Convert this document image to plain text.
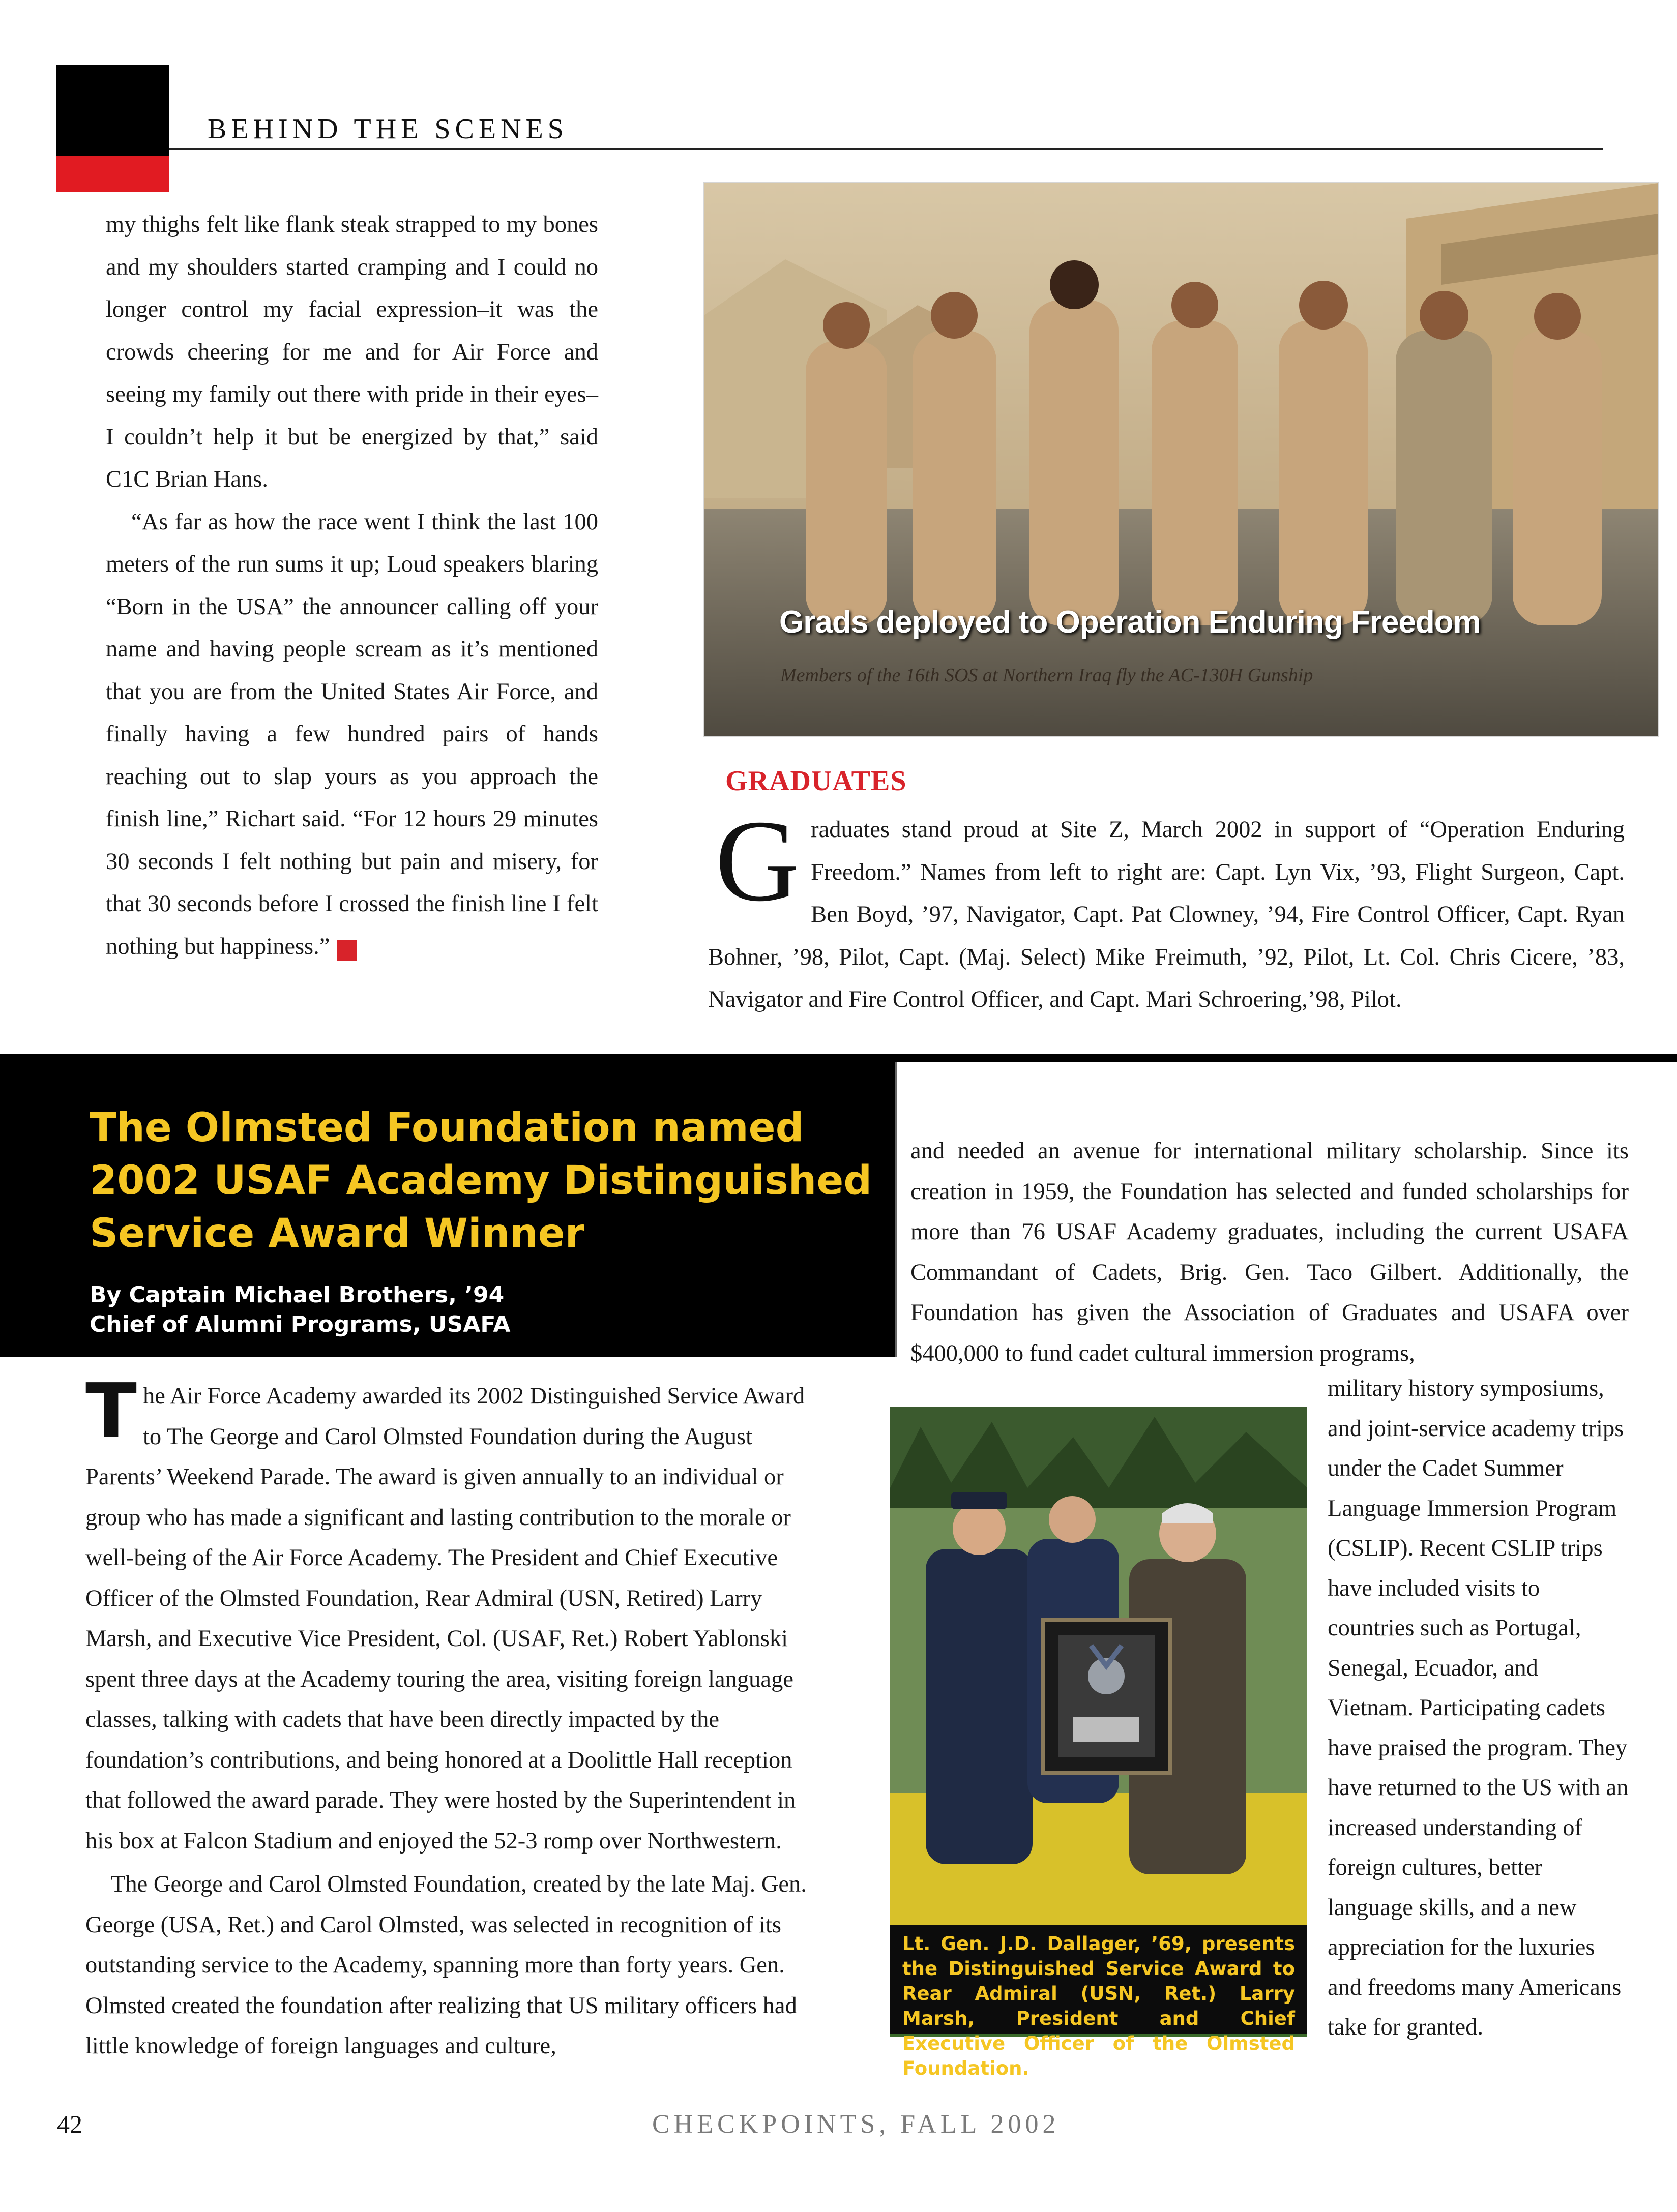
BEHIND THE SCENES

my thighs felt like flank steak strapped to my bones and my shoulders started cramping and I could no longer control my facial expression–it was the crowds cheering for me and for Air Force and seeing my family out there with pride in their eyes–I couldn’t help it but be energized by that,” said C1C Brian Hans.

“As far as how the race went I think the last 100 meters of the run sums it up; Loud speakers blaring “Born in the USA” the announcer calling off your name and having people scream as it’s mentioned that you are from the United States Air Force, and finally having a few hundred pairs of hands reaching out to slap yours as you approach the finish line,” Richart said. “For 12 hours 29 minutes 30 seconds I felt nothing but pain and misery, for that 30 seconds before I crossed the finish line I felt nothing but happiness.” ✓

Grads deployed to Operation Enduring Freedom
Members of the 16th SOS at Northern Iraq fly the AC-130H Gunship
GRADUATES
Graduates stand proud at Site Z, March 2002 in support of “Operation Enduring Freedom.” Names from left to right are: Capt. Lyn Vix, ’93, Flight Surgeon, Capt. Ben Boyd, ’97, Navigator, Capt. Pat Clowney, ’94, Fire Control Officer, Capt. Ryan Bohner, ’98, Pilot, Capt. (Maj. Select) Mike Freimuth, ’92, Pilot, Lt. Col. Chris Cicere, ’83, Navigator and Fire Control Officer, and Capt. Mari Schroering,’98, Pilot.
The Olmsted Foundation named 2002 USAF Academy Distinguished Service Award Winner
By Captain Michael Brothers, ’94
Chief of Alumni Programs, USAFA

The Air Force Academy awarded its 2002 Distinguished Service Award to The George and Carol Olmsted Foundation during the August Parents’ Weekend Parade. The award is given annually to an individual or group who has made a significant and lasting contribution to the morale or well-being of the Air Force Academy. The President and Chief Executive Officer of the Olmsted Foundation, Rear Admiral (USN, Retired) Larry Marsh, and Executive Vice President, Col. (USAF, Ret.) Robert Yablonski spent three days at the Academy touring the area, visiting foreign language classes, talking with cadets that have been directly impacted by the foundation’s contributions, and being honored at a Doolittle Hall reception that followed the award parade. They were hosted by the Superintendent in his box at Falcon Stadium and enjoyed the 52-3 romp over Northwestern.

The George and Carol Olmsted Foundation, created by the late Maj. Gen. George (USA, Ret.) and Carol Olmsted, was selected in recognition of its outstanding service to the Academy, spanning more than forty years. Gen. Olmsted created the foundation after realizing that US military officers had little knowledge of foreign languages and culture,

and needed an avenue for international military scholarship. Since its creation in 1959, the Foundation has selected and funded scholarships for more than 76 USAF Academy graduates, including the current USAFA Commandant of Cadets, Brig. Gen. Taco Gilbert. Additionally, the Foundation has given the Association of Graduates and USAFA over $400,000 to fund cadet cultural immersion programs,
Lt. Gen. J.D. Dallager, ’69, presents the Distinguished Service Award to Rear Admiral (USN, Ret.) Larry Marsh, President and Chief Executive Officer of the Olmsted Foundation.
military history symposiums, and joint-service academy trips under the Cadet Summer Language Immersion Program (CSLIP). Recent CSLIP trips have included visits to countries such as Portugal, Senegal, Ecuador, and Vietnam. Participating cadets have praised the program. They have returned to the US with an increased understanding of foreign cultures, better language skills, and a new appreciation for the luxuries and freedoms many Americans take for granted.
42	CHECKPOINTS, FALL 2002
